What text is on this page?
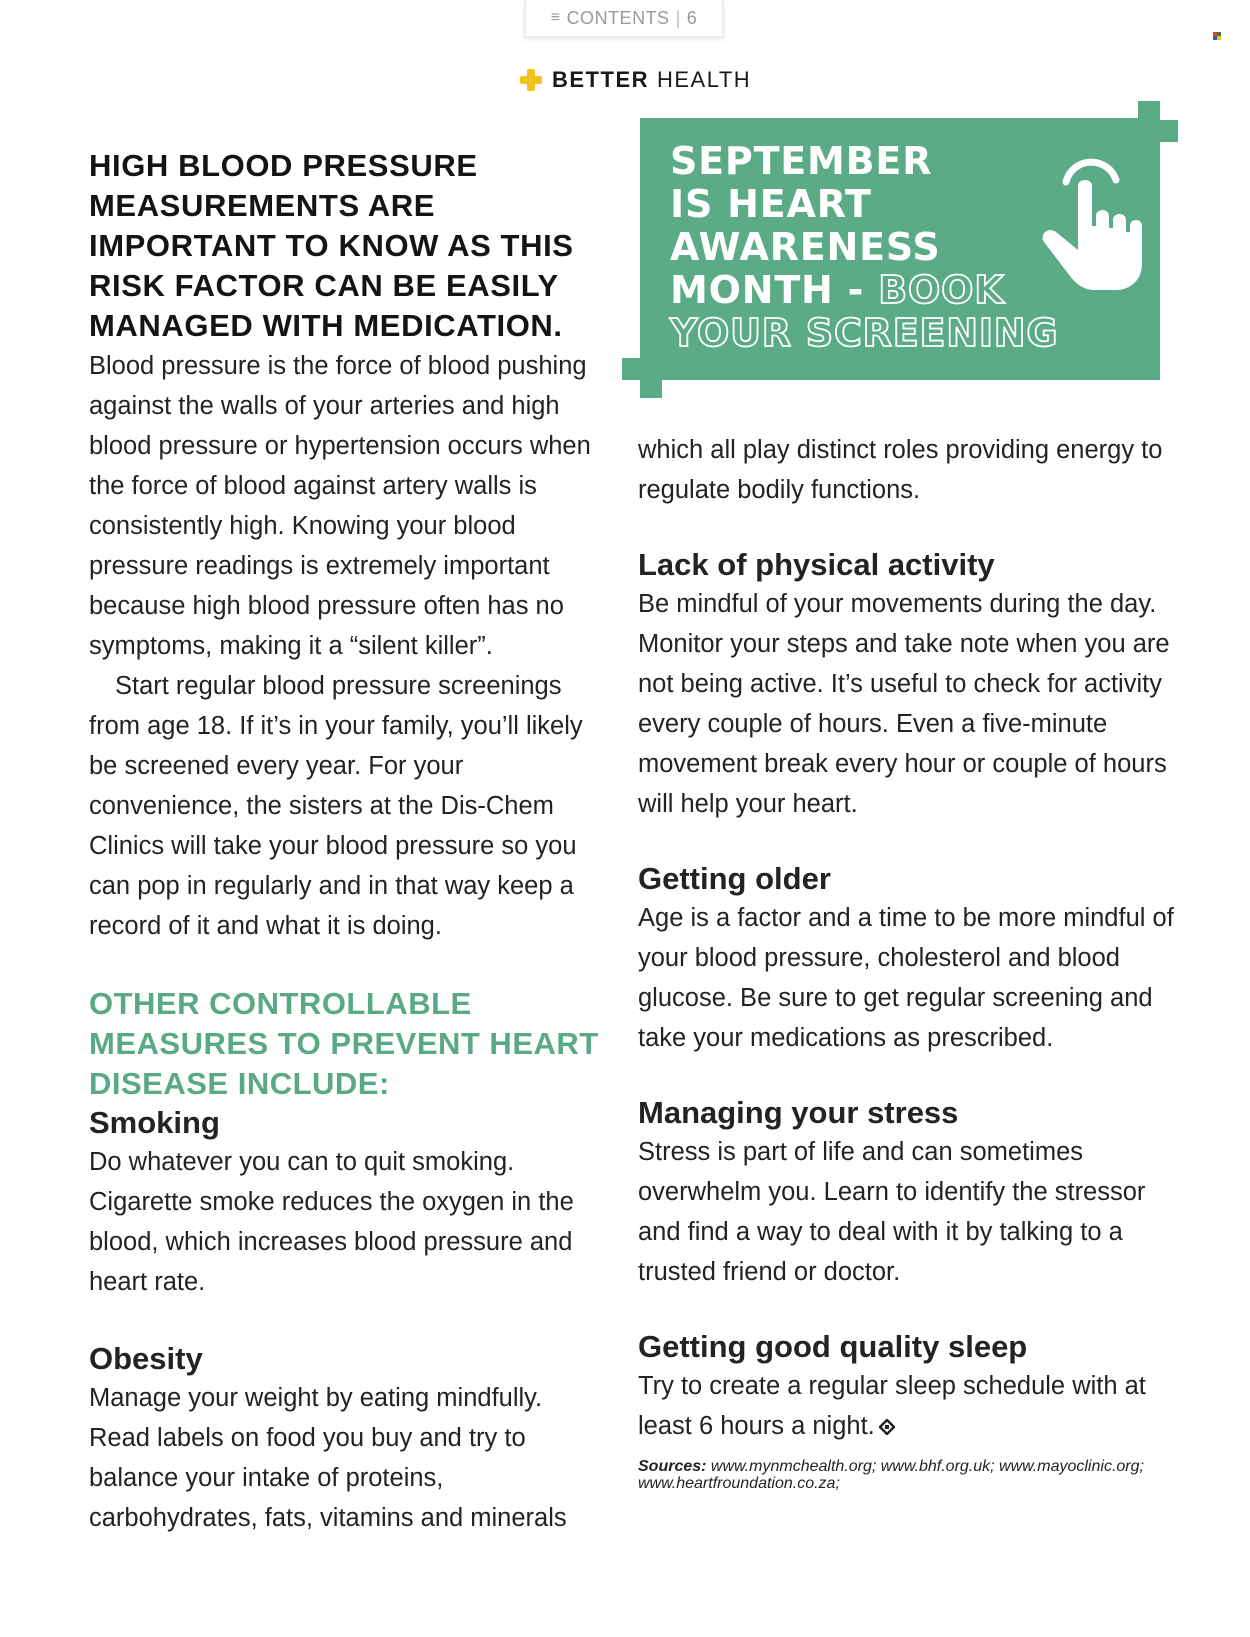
≡ CONTENTS | 6
BETTER HEALTH
SEPTEMBER
IS HEART
AWARENESS
MONTH - BOOK
YOUR SCREENING
HIGH BLOOD PRESSURE MEASUREMENTS ARE IMPORTANT TO KNOW AS THIS RISK FACTOR CAN BE EASILY MANAGED WITH MEDICATION.

Blood pressure is the force of blood pushing against the walls of your arteries and high blood pressure or hypertension occurs when the force of blood against artery walls is consistently high. Knowing your blood pressure readings is extremely important because high blood pressure often has no symptoms, making it a “silent killer”.

Start regular blood pressure screenings from age 18. If it’s in your family, you’ll likely be screened every year. For your convenience, the sisters at the Dis-Chem Clinics will take your blood pressure so you can pop in regularly and in that way keep a record of it and what it is doing.

OTHER CONTROLLABLE MEASURES TO PREVENT HEART DISEASE INCLUDE:
Smoking

Do whatever you can to quit smoking. Cigarette smoke reduces the oxygen in the blood, which increases blood pressure and heart rate.

Obesity

Manage your weight by eating mindfully. Read labels on food you buy and try to balance your intake of proteins, carbohydrates, fats, vitamins and minerals

which all play distinct roles providing energy to regulate bodily functions.

Lack of physical activity

Be mindful of your movements during the day. Monitor your steps and take note when you are not being active. It’s useful to check for activity every couple of hours. Even a five-minute movement break every hour or couple of hours will help your heart.

Getting older

Age is a factor and a time to be more mindful of your blood pressure, cholesterol and blood glucose. Be sure to get regular screening and take your medications as prescribed.

Managing your stress

Stress is part of life and can sometimes overwhelm you. Learn to identify the stressor and find a way to deal with it by talking to a trusted friend or doctor.

Getting good quality sleep

Try to create a regular sleep schedule with at least 6 hours a night.

Sources: www.mynmchealth.org; www.bhf.org.uk; www.mayoclinic.org; www.heartfroundation.co.za;
